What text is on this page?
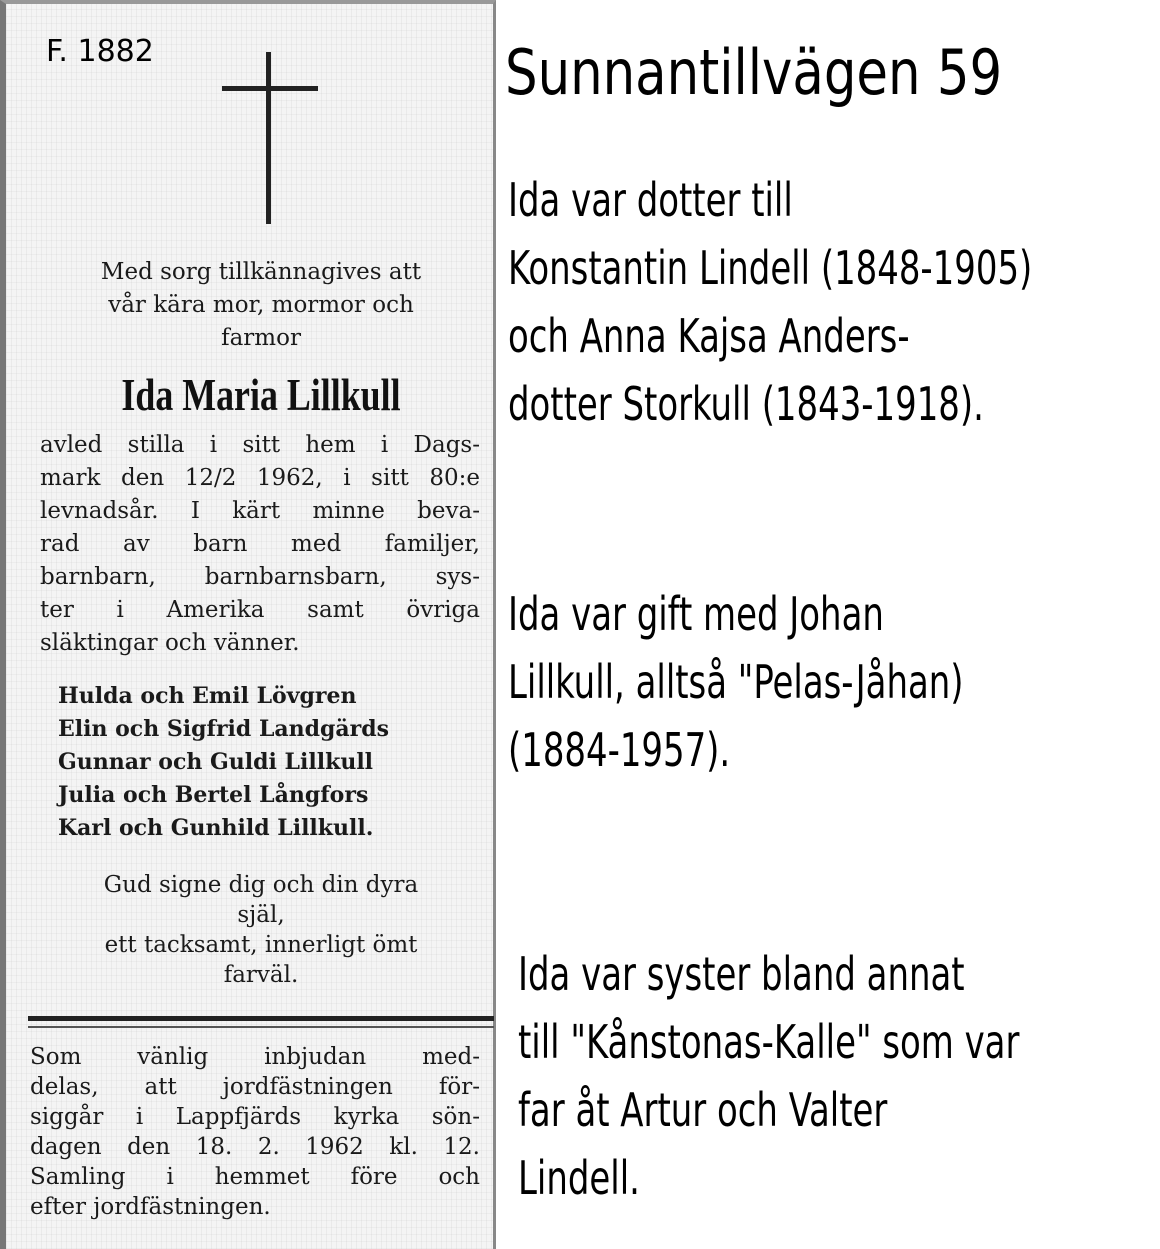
F. 1882
Med sorg tillkännagives att
vår kära mor, mormor och
farmor
Ida Maria Lillkull
avled stilla i sitt hem i Dags-
mark den 12/2 1962, i sitt 80:e
levnadsår. I kärt minne beva-
rad av barn med familjer,
barnbarn, barnbarnsbarn, sys-
ter i Amerika samt övriga
släktingar och vänner.
Hulda och Emil Lövgren
Elin och Sigfrid Landgärds
Gunnar och Guldi Lillkull
Julia och Bertel Långfors
Karl och Gunhild Lillkull.
Gud signe dig och din dyra
själ,
ett tacksamt, innerligt ömt
farväl.
Som vänlig inbjudan med-
delas, att jordfästningen för-
siggår i Lappfjärds kyrka sön-
dagen den 18. 2. 1962 kl. 12.
Samling i hemmet före och
efter jordfästningen.
Sunnantillvägen 59
Ida var dotter till
Konstantin Lindell (1848-1905)
och Anna Kajsa Anders-
dotter Storkull (1843-1918).
Ida var gift med Johan
Lillkull, alltså "Pelas-Jåhan)
(1884-1957).
Ida var syster bland annat
till "Kånstonas-Kalle" som var
far åt Artur och Valter
Lindell.
